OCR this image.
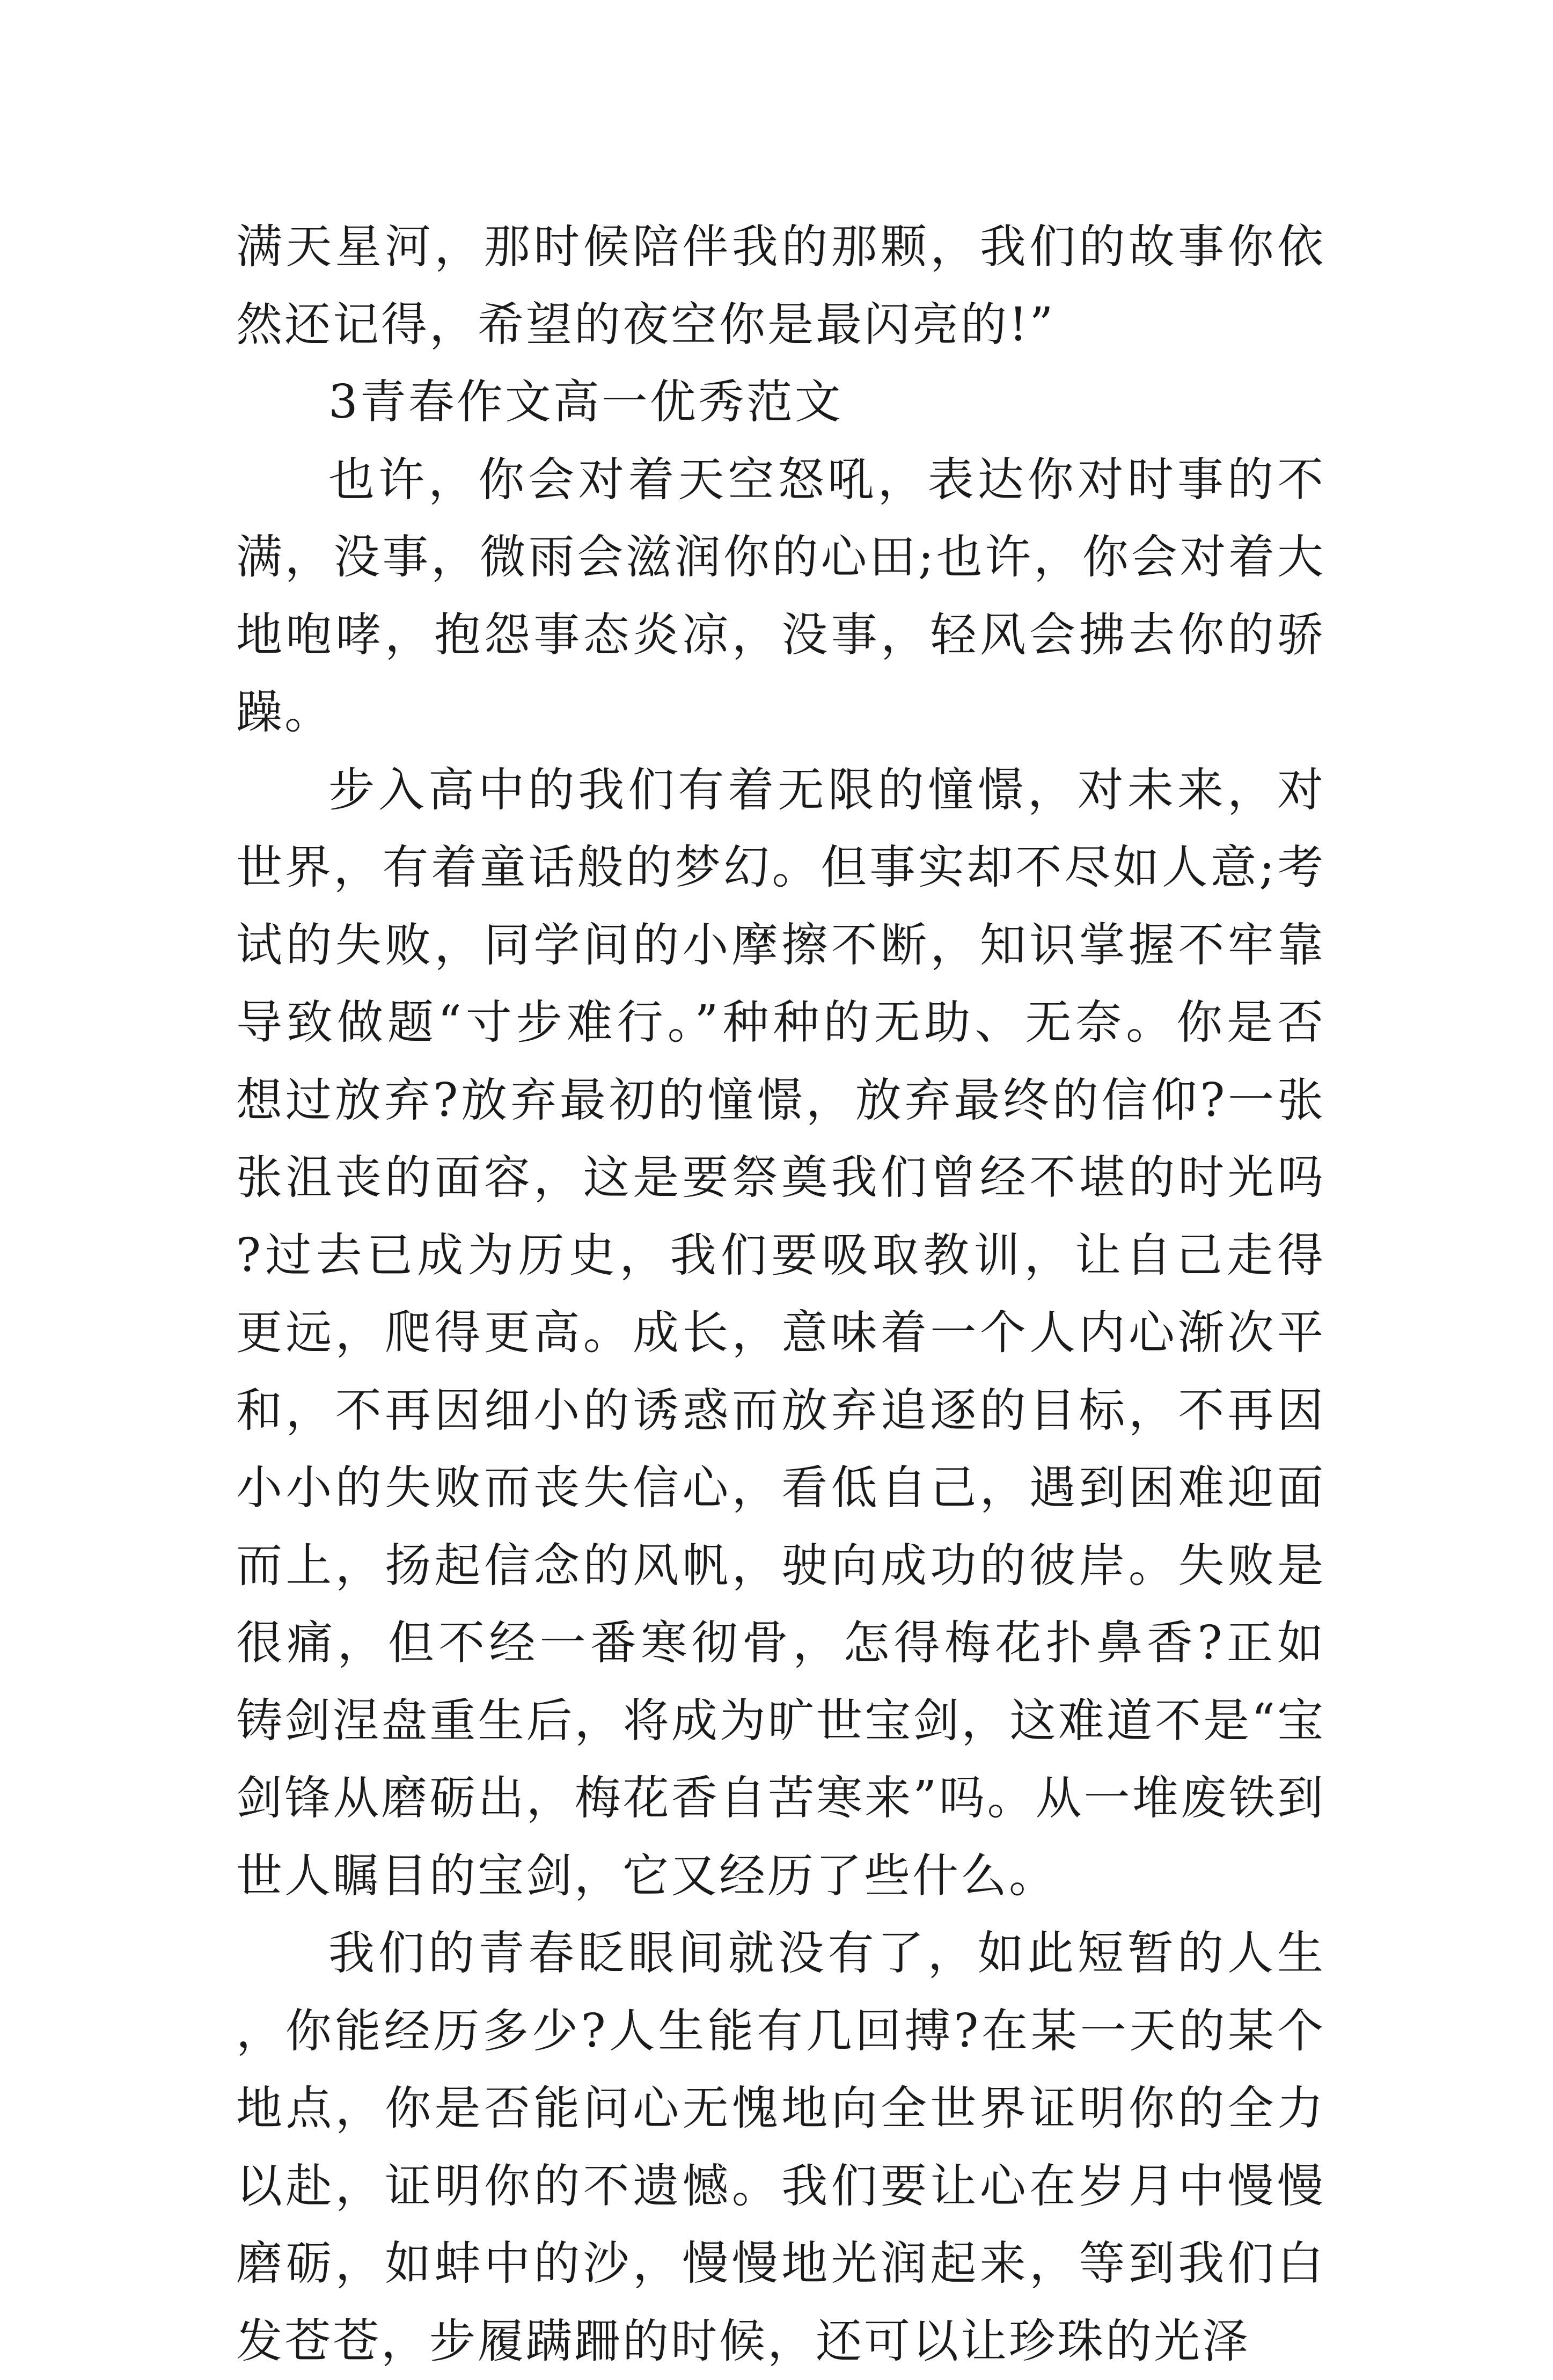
满天星河，那时候陪伴我的那颗，我们的故事你依然还记得，希望的夜空你是最闪亮的!”

3青春作文高一优秀范文

也许，你会对着天空怒吼，表达你对时事的不满，没事，微雨会滋润你的心田;也许，你会对着大地咆哮，抱怨事态炎凉，没事，轻风会拂去你的骄躁。

步入高中的我们有着无限的憧憬，对未来，对世界，有着童话般的梦幻。但事实却不尽如人意;考试的失败，同学间的小摩擦不断，知识掌握不牢靠导致做题“寸步难行。”种种的无助、无奈。你是否想过放弃?放弃最初的憧憬，放弃最终的信仰?一张张沮丧的面容，这是要祭奠我们曾经不堪的时光吗?过去已成为历史，我们要吸取教训，让自己走得更远，爬得更高。成长，意味着一个人内心渐次平和，不再因细小的诱惑而放弃追逐的目标，不再因小小的失败而丧失信心，看低自己，遇到困难迎面而上，扬起信念的风帆，驶向成功的彼岸。失败是很痛，但不经一番寒彻骨，怎得梅花扑鼻香?正如铸剑涅盘重生后，将成为旷世宝剑，这难道不是“宝剑锋从磨砺出，梅花香自苦寒来”吗。从一堆废铁到世人瞩目的宝剑，它又经历了些什么。

我们的青春眨眼间就没有了，如此短暂的人生，你能经历多少?人生能有几回搏?在某一天的某个地点，你是否能问心无愧地向全世界证明你的全力以赴，证明你的不遗憾。我们要让心在岁月中慢慢磨砺，如蚌中的沙，慢慢地光润起来，等到我们白发苍苍，步履蹒跚的时候，还可以让珍珠的光泽
